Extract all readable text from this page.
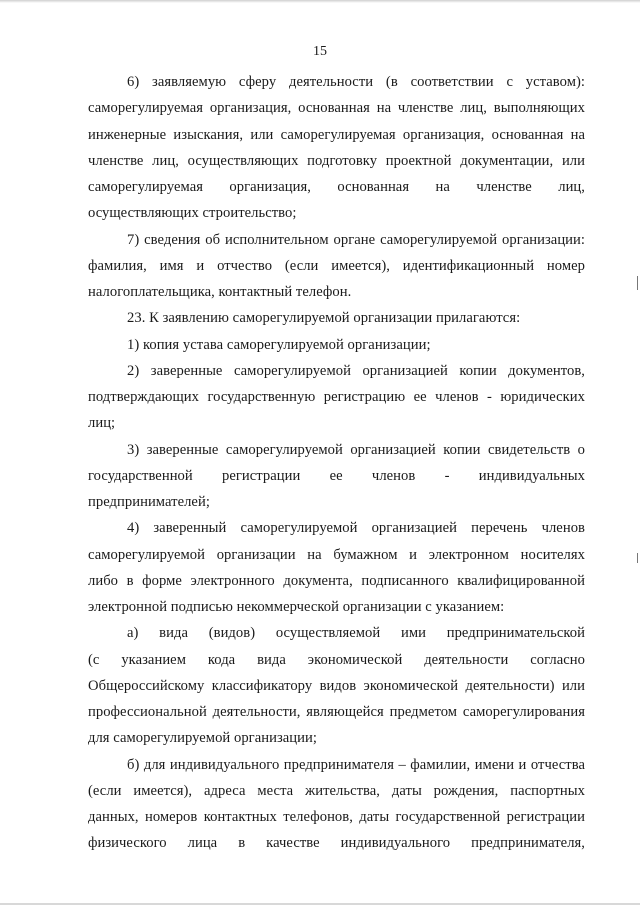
15
6) заявляемую сферу деятельности (в соответствии с уставом):
саморегулируемая организация, основанная на членстве лиц, выполняющих
инженерные изыскания, или саморегулируемая организация, основанная на
членстве лиц, осуществляющих подготовку проектной документации, или
саморегулируемая организация, основанная на членстве лиц,
осуществляющих строительство;
7) сведения об исполнительном органе саморегулируемой организации:
фамилия, имя и отчество (если имеется), идентификационный номер
налогоплательщика, контактный телефон.
23. К заявлению саморегулируемой организации прилагаются:
1) копия устава саморегулируемой организации;
2) заверенные саморегулируемой организацией копии документов,
подтверждающих государственную регистрацию ее членов - юридических
лиц;
3) заверенные саморегулируемой организацией копии свидетельств о
государственной регистрации ее членов - индивидуальных
предпринимателей;
4) заверенный саморегулируемой организацией перечень членов
саморегулируемой организации на бумажном и электронном носителях
либо в форме электронного документа, подписанного квалифицированной
электронной подписью некоммерческой организации с указанием:
а) вида (видов) осуществляемой ими предпринимательской
(с указанием кода вида экономической деятельности согласно
Общероссийскому классификатору видов экономической деятельности) или
профессиональной деятельности, являющейся предметом саморегулирования
для саморегулируемой организации;
б) для индивидуального предпринимателя – фамилии, имени и отчества
(если имеется), адреса места жительства, даты рождения, паспортных
данных, номеров контактных телефонов, даты государственной регистрации
физического лица в качестве индивидуального предпринимателя,
